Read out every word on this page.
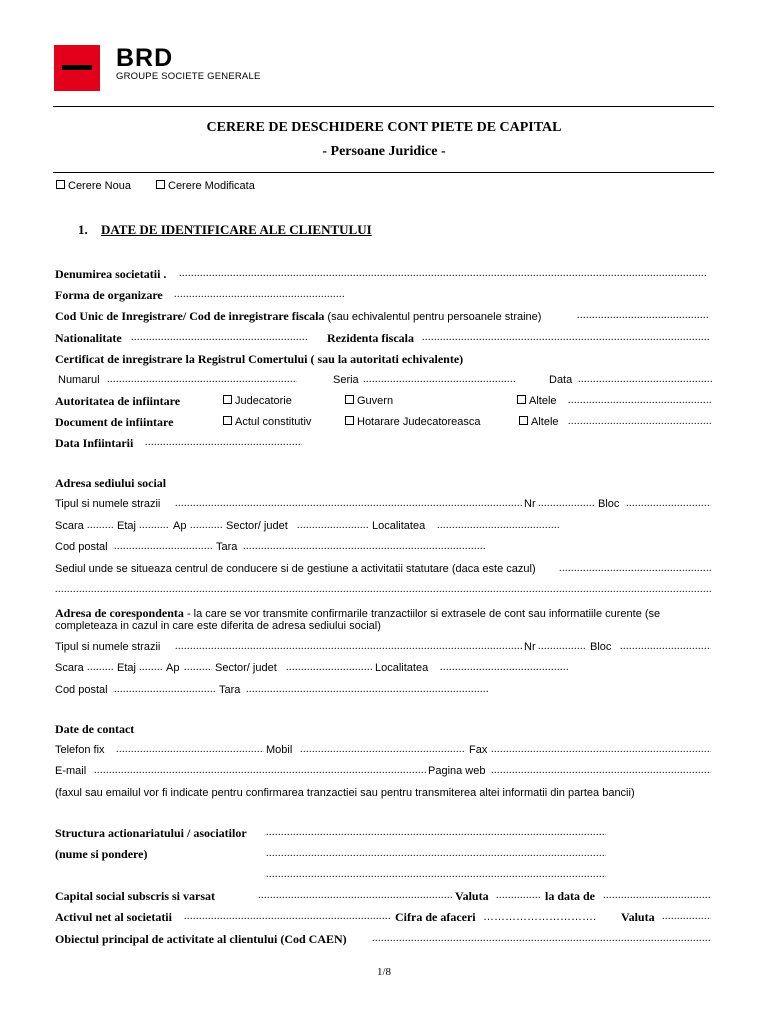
BRD
GROUPE SOCIETE GENERALE
CERERE DE DESCHIDERE CONT PIETE DE CAPITAL
- Persoane Juridice -
Cerere Noua	Cerere Modificata
1. DATE DE IDENTIFICARE ALE CLIENTULUI
Denumirea societatii .
.....
Forma de organizare
.....
Cod Unic de Inregistrare/ Cod de inregistrare fiscala (sau echivalentul pentru persoanele straine)
.....
Nationalitate .....	Rezidenta fiscala
.....
Certificat de inregistrare la Registrul Comertului ( sau la autoritati echivalente)
Numarul .....	Seria .....	Data
.....
Autoritatea de infiintare	Judecatorie	Guvern	Altele
.....
Document de infiintare	Actul constitutiv	Hotarare Judecatoreasca	Altele
.....
Data Infiintarii
.....
Adresa sediului social
Tipul si numele strazii .....	Nr .....	Bloc
.....
Scara .....	Etaj .....	Ap .....	Sector/ judet .....	Localitatea
.....
Cod postal .....	Tara
.....
Sediul unde se situeaza centrul de conducere si de gestiune a activitatii statutare (daca este cazul)
.....
.....
Adresa de corespondenta - la care se vor transmite confirmarile tranzactiilor si extrasele de cont sau informatiile curente (se
completeaza in cazul in care este diferita de adresa sediului social)
Tipul si numele strazii .....	Nr .....	Bloc
.....
Scara .....	Etaj .....	Ap .....	Sector/ judet .....	Localitatea
.....
Cod postal .....	Tara
.....
Date de contact
Telefon fix .....	Mobil .....	Fax
.....
E-mail .....	Pagina web
.....
(faxul sau emailul vor fi indicate pentru confirmarea tranzactiei sau pentru transmiterea altei informatii din partea bancii)
Structura actionariatului / asociatilor
.....
(nume si pondere)
.....
.....
Capital social subscris si varsat .....	Valuta .....	la data de
.....
Activul net al societatii .....	Cifra de afaceri …………………………. Valuta
.....
Obiectul principal de activitate al clientului (Cod CAEN)
.....
1/8
